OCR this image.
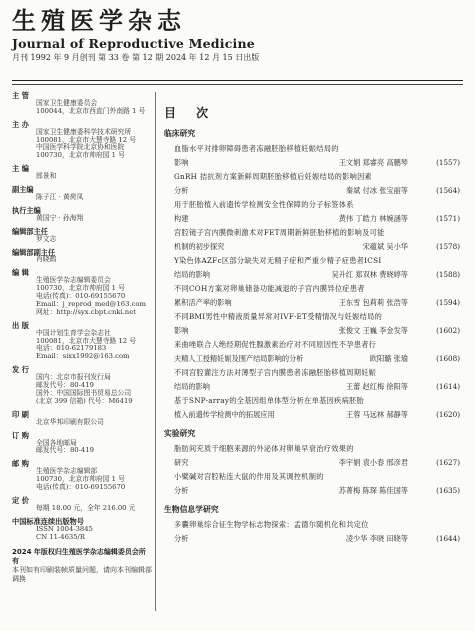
生殖医学杂志
Journal of Reproductive Medicine
月刊 1992 年 9 月创刊 第 33 卷 第 12 期 2024 年 12 月 15 日出版
主 管
国家卫生健康委员会
100044，北京市西直门外南路 1 号
主 办
国家卫生健康委科学技术研究所
100081，北京市大慧寺路 12 号
中国医学科学院北京协和医院
100730，北京市帅府园 1 号
主 编
郎景和
副主编
陈子江 · 黄荷凤
执行主编
黄国宁 · 孙海翔
编辑部主任
罗文志
编辑部副主任
肖晓鹤
编 辑
生殖医学杂志编辑委员会
100730，北京市帅府园 1 号
电话(传真)：010-69155670
Email：j_reprod_med@163.com
网址：http://syx.cbpt.cnki.net
出 版
中国计划生育学会杂志社
100081，北京市大慧寺路 12 号
电话：010-62179183
Email：sixx1992@163.com
发 行
国内：北京市报刊发行局
邮发代号：80-419
国外：中国国际图书贸易总公司
(北京 399 信箱) 代号：M6419
印 刷
北京华邦印刷有限公司
订 购
全国各地邮局
邮发代号：80-419
邮 购
生殖医学杂志编辑部
100730，北京市帅府园 1 号
电话(传真)：010-69155670
定 价
每期 18.00 元，全年 216.00 元
中国标准连续出版物号
ISSN 1004-3845
CN 11-4635/R
2024 年版权归生殖医学杂志编辑委员会所有
本刊如有印刷装帧质量问题，请向本刊编辑部调换
目 次
临床研究
血脂水平对排卵障碍患者冻融胚胎移植妊娠结局的
影响	王文娟 郑睿亮 高鹏琴	(1557)
GnRH 拮抗剂方案新鲜周期胚胎移植后妊娠结局的影响因素
分析	秦斌 付冰 张宝丽等	(1564)
用于胚胎植入前遗传学检测安全性保障的分子标签体系
构建	黄伟 丁皓力 林婉涵等	(1571)
宫腔镜子宫内膜微刺激术对FET周期新鲜胚胎移植的影响及可能
机制的初步探究	宋蕴斌 吴小华	(1578)
Y染色体AZFc区部分缺失对无精子症和严重少精子症患者ICSI
结局的影响	吴升红 郑双林 费晓婷等	(1588)
不同COH方案对卵巢储备功能减退的子宫内膜异位症患者
累积活产率的影响	王东雪 包莉莉 张浩等	(1594)
不同BMI男性中精液质量异常对IVF-ET受精情况与妊娠结局的
影响	张俊文 王巍 李金发等	(1602)
来曲唑联合人绝经期促性腺激素治疗对不同原因性不孕患者行
夫精人工授精妊娠及围产结局影响的分析	欧阳璐 张瑜	(1608)
不同宫腔灌注方法对薄型子宫内膜患者冻融胚胎移植周期妊娠
结局的影响	王蕾 赵红梅 徐阳等	(1614)
基于SNP-array的全基因组单体型分析在单基因疾病胚胎
植入前遗传学检测中的拓展应用	王蓉 马远林 郝静等	(1620)
实验研究
脂肪间充质干细胞来源的外泌体对卵巢早衰治疗效果的
研究	李宇娟 袁小春 邢彦君	(1627)
小檗碱对宫腔粘连大鼠的作用及其调控机制的
分析	苏菁梅 陈琛 陈佳国等	(1635)
生物信息学研究
多囊卵巢综合征生物学标志物探索：孟德尔随机化和共定位
分析	凌少华 李晓 田晓等	(1644)
